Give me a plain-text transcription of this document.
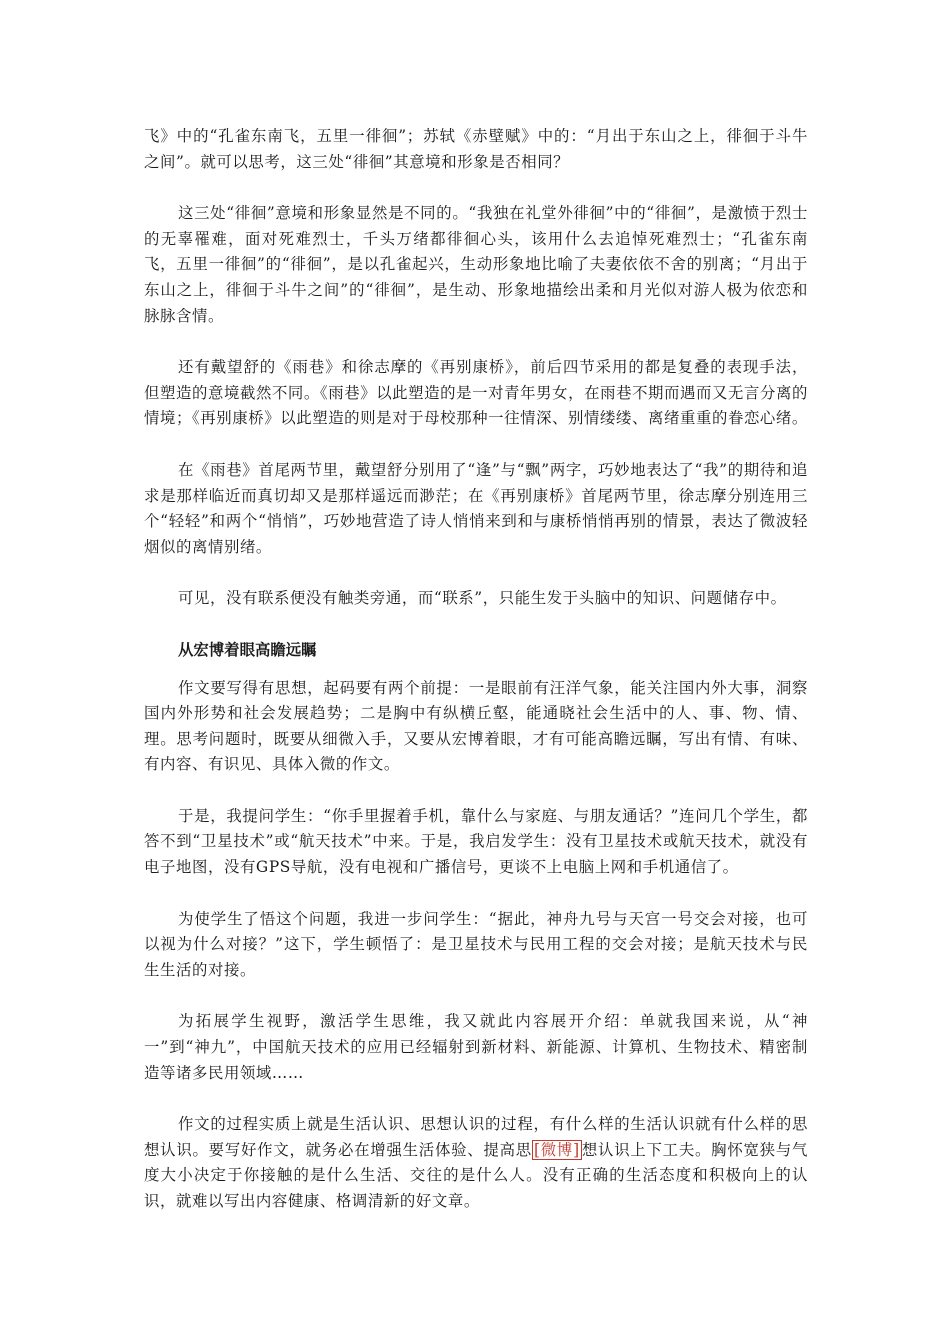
飞》中的“孔雀东南飞，五里一徘徊”；苏轼《赤壁赋》中的：“月出于东山之上，徘徊于斗牛之间”。就可以思考，这三处“徘徊”其意境和形象是否相同？

这三处“徘徊”意境和形象显然是不同的。“我独在礼堂外徘徊”中的“徘徊”，是激愤于烈士的无辜罹难，面对死难烈士，千头万绪都徘徊心头，该用什么去追悼死难烈士；“孔雀东南飞，五里一徘徊”的“徘徊”，是以孔雀起兴，生动形象地比喻了夫妻依依不舍的别离；“月出于东山之上，徘徊于斗牛之间”的“徘徊”，是生动、形象地描绘出柔和月光似对游人极为依恋和脉脉含情。

还有戴望舒的《雨巷》和徐志摩的《再别康桥》，前后四节采用的都是复叠的表现手法，但塑造的意境截然不同。《雨巷》以此塑造的是一对青年男女，在雨巷不期而遇而又无言分离的情境；《再别康桥》以此塑造的则是对于母校那种一往情深、别情缕缕、离绪重重的眷恋心绪。

在《雨巷》首尾两节里，戴望舒分别用了“逢”与“飘”两字，巧妙地表达了“我”的期待和追求是那样临近而真切却又是那样遥远而渺茫；在《再别康桥》首尾两节里，徐志摩分别连用三个“轻轻”和两个“悄悄”，巧妙地营造了诗人悄悄来到和与康桥悄悄再别的情景，表达了微波轻烟似的离情别绪。

可见，没有联系便没有触类旁通，而“联系”，只能生发于头脑中的知识、问题储存中。

从宏博着眼高瞻远瞩

作文要写得有思想，起码要有两个前提：一是眼前有汪洋气象，能关注国内外大事，洞察国内外形势和社会发展趋势；二是胸中有纵横丘壑，能通晓社会生活中的人、事、物、情、理。思考问题时，既要从细微入手，又要从宏博着眼，才有可能高瞻远瞩，写出有情、有味、有内容、有识见、具体入微的作文。

于是，我提问学生：“你手里握着手机，靠什么与家庭、与朋友通话？”连问几个学生，都答不到“卫星技术”或“航天技术”中来。于是，我启发学生：没有卫星技术或航天技术，就没有电子地图，没有GPS导航，没有电视和广播信号，更谈不上电脑上网和手机通信了。

为使学生了悟这个问题，我进一步问学生：“据此，神舟九号与天宫一号交会对接，也可以视为什么对接？”这下，学生顿悟了：是卫星技术与民用工程的交会对接；是航天技术与民生生活的对接。

为拓展学生视野，激活学生思维，我又就此内容展开介绍：单就我国来说，从“神一”到“神九”，中国航天技术的应用已经辐射到新材料、新能源、计算机、生物技术、精密制造等诸多民用领域……

作文的过程实质上就是生活认识、思想认识的过程，有什么样的生活认识就有什么样的思想认识。要写好作文，就务必在增强生活体验、提高思 [微博] 想认识上下工夫。胸怀宽狭与气度大小决定于你接触的是什么生活、交往的是什么人。没有正确的生活态度和积极向上的认识，就难以写出内容健康、格调清新的好文章。
